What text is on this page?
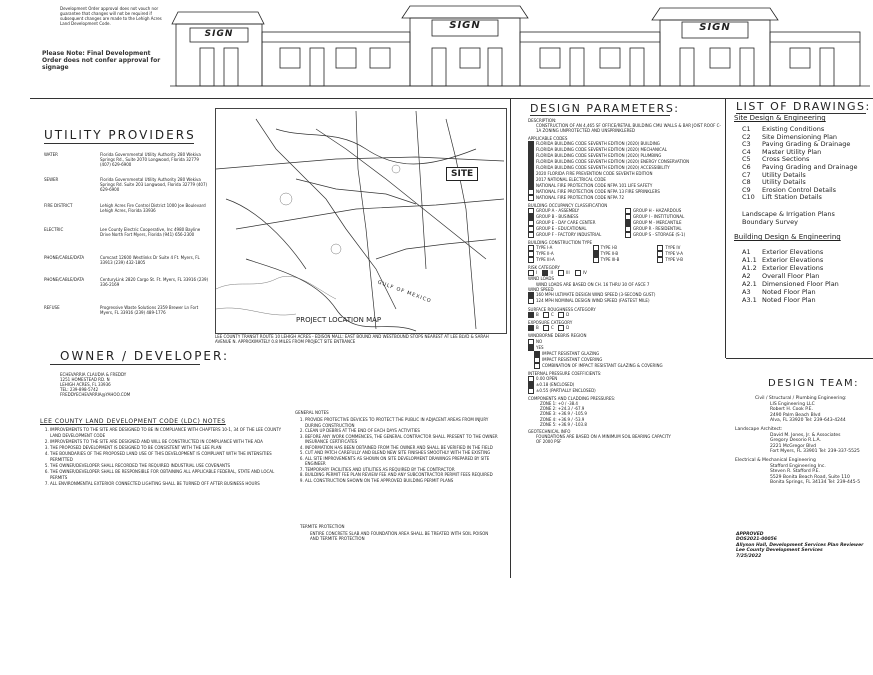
Development Order approval does not vouch nor guarantee that changes will not be required if subsequent changes are made to the Lehigh Acres Land Development Code.
Please Note: Final Development Order does not confer approval for signage
SIGN
SIGN	SIGN
UTILITY PROVIDERS
WATER	Florida Governmental Utility Authority 280 Wekiva Springs Rd., Suite 2070 Longwood, Florida 32779 (407) 629-6900
SEWER	Florida Governmental Utility Authority 280 Wekiva Springs Rd. Suite 203 Longwood, Florida 32779 (407) 629-6900
FIRE DISTRICT	Lehigh Acres Fire Control District 1000 Joe Boulevard Lehigh Acres, Florida 33936
ELECTRIC	Lee County Electric Cooperative, Inc 4980 Bayline Drive North Fort Myers, Florida (941) 656-2300
PHONE/CABLE/DATA	Comcast 12600 Westlinks Dr Suite 4 Ft. Myers, FL 33913 (239) 432-1805
PHONE/CABLE/DATA	CenturyLink 2820 Cargo St. Ft. Myers, FL 33916 (239) 336-2169
REFUSE	Progressive Waste Solutions 2359 Brewer Ln Fort Myers, FL 33916 (239) 489-1776
SITE
GULF OF MEXICO
PROJECT LOCATION MAP
LEE COUNTY TRANSIT ROUTE 10 LEHIGH ACRES - EDISON MALL: EAST BOUND AND WESTBOUND STOPS NEAREST AT LEE BLVD & SARAH AVENUE N. APPROXIMATELY 0.8 MILES FROM PROJECT SITE ENTRANCE
OWNER / DEVELOPER:
ECHEVARRIA CLAUDIA & FREDDY
1251 HOMESTEAD RD. N
LEHIGH ACRES, FL 33936
TEL: 239-898-5742
FREDDYECHEVARRIA@YAHOO.COM
LEE COUNTY LAND DEVELOPMENT CODE (LDC) NOTES
1. IMPROVEMENTS TO THE SITE ARE DESIGNED TO BE IN COMPLIANCE WITH CHAPTERS 10-1, 34 OF THE LEE COUNTY LAND DEVELOPMENT CODE
2. IMPROVEMENTS TO THE SITE ARE DESIGNED AND WILL BE CONSTRUCTED IN COMPLIANCE WITH THE ADA
3. THE PROPOSED DEVELOPMENT IS DESIGNED TO BE CONSISTENT WITH THE LEE PLAN
4. THE BOUNDARIES OF THE PROPOSED LAND USE OF THIS DEVELOPMENT IS COMPLIANT WITH THE INTENSITIES PERMITTED
5. THE OWNER/DEVELOPER SHALL RECORDED THE REQUIRED INDUSTRIAL USE COVENANTS
6. THE OWNER/DEVELOPER SHALL BE RESPONSIBLE FOR OBTAINING ALL APPLICABLE FEDERAL, STATE AND LOCAL PERMITS
7. ALL ENVIRONMENTAL EXTERIOR CONNECTED LIGHTING SHALL BE TURNED OFF AFTER BUSINESS HOURS
GENERAL NOTES
1. PROVIDE PROTECTIVE DEVICES TO PROTECT THE PUBLIC IN ADJACENT AREAS FROM INJURY DURING CONSTRUCTION
2. CLEAN UP DEBRIS AT THE END OF EACH DAYS ACTIVITIES
3. BEFORE ANY WORK COMMENCES, THE GENERAL CONTRACTOR SHALL PRESENT TO THE OWNER INSURANCE CERTIFICATES
4. INFORMATION HAS BEEN OBTAINED FROM THE OWNER AND SHALL BE VERIFIED IN THE FIELD
5. CUT AND PATCH CAREFULLY AND BLEND NEW SITE FINISHES SMOOTHLY WITH THE EXISTING
6. ALL SITE IMPROVEMENTS AS SHOWN ON SITE DEVELOPMENT DRAWINGS PREPARED BY SITE ENGINEER
7. TEMPORARY FACILITIES AND UTILITIES AS REQUIRED BY THE CONTRACTOR
8. BUILDING PERMIT FEE PLAN REVIEW FEE AND ANY SUBCONTRACTOR PERMIT FEES REQUIRED
9. ALL CONSTRUCTION SHOWN ON THE APPROVED BUILDING PERMIT PLANS
TERMITE PROTECTION
ENTIRE CONCRETE SLAB AND FOUNDATION AREA SHALL BE TREATED WITH SOIL POISON AND TERMITE PROTECTION
DESIGN PARAMETERS:
DESCRIPTION:
CONSTRUCTION OF AN 4,465 SF OFFICE/RETAIL BUILDING CMU WALLS & BAR JOIST ROOF C-1A ZONING UNPROTECTED AND UNSPRINKLERED
APPLICABLE CODES
FLORIDA BUILDING CODE SEVENTH EDITION (2020) BUILDING
FLORIDA BUILDING CODE SEVENTH EDITION (2020) MECHANICAL
FLORIDA BUILDING CODE SEVENTH EDITION (2020) PLUMBING
FLORIDA BUILDING CODE SEVENTH EDITION (2020) ENERGY CONSERVATION
FLORIDA BUILDING CODE SEVENTH EDITION (2020) ACCESSIBILITY
2020 FLORIDA FIRE PREVENTION CODE SEVENTH EDITION
2017 NATIONAL ELECTRICAL CODE
NATIONAL FIRE PROTECTION CODE NFPA 101 LIFE SAFETY
NATIONAL FIRE PROTECTION CODE NFPA 13 FIRE SPRINKLERS
NATIONAL FIRE PROTECTION CODE NFPA 72
BUILDING OCCUPANCY CLASSIFICATION
GROUP A - ASSEMBLY	GROUP H - HAZARDOUS
GROUP B - BUSINESS	GROUP I - INSTITUTIONAL
GROUP E - DAY CARE CENTER	GROUP M - MERCANTILE
GROUP E - EDUCATIONAL	GROUP R - RESIDENTIAL
GROUP F - FACTORY INDUSTRIAL	GROUP S - STORAGE (S-1)
BUILDING CONSTRUCTION TYPE
TYPE I-A	TYPE I-B	TYPE IV
TYPE II-A	TYPE II-B	TYPE V-A
TYPE III-A	TYPE III-B	TYPE V-B
RISK CATEGORY
I	II	III	IV
WIND LOADS
WIND LOADS ARE BASED ON CH. 16 THRU 30 OF ASCE 7
WIND SPEED
160 MPH ULTIMATE DESIGN WIND SPEED (3-SECOND GUST)
124 MPH NOMINAL DESIGN WIND SPEED (FASTEST MILE)
SURFACE ROUGHNESS CATEGORY
B	C	D
EXPOSURE CATEGORY
B	C	D
WINDBORNE DEBRIS REGION
NO
YES
IMPACT RESISTANT GLAZING
IMPACT RESISTANT COVERING
COMBINATION OF IMPACT RESISTANT GLAZING & COVERING
INTERNAL PRESSURE COEFFICIENTS:
0.00 OPEN
±0.18 (ENCLOSED)
±0.55 (PARTIALLY ENCLOSED)
COMPONENTS AND CLADDING PRESSURES:
ZONE 1: +0 / -38.4
ZONE 2: +24.3 / -67.9
ZONE 3: +36.9 / -105.9
ZONE 4: +36.9 / -53.9
ZONE 5: +36.9 / -103.8
GEOTECHNICAL INFO
FOUNDATIONS ARE BASED ON A MINIMUM SOIL BEARING CAPACITY OF 2000 PSF
LIST OF DRAWINGS:
Site Design & Engineering
C1	Existing Conditions
C2	Site Dimensioning Plan
C3	Paving Grading & Drainage
C4	Master Utility Plan
C5	Cross Sections
C6	Paving Grading and Drainage
C7	Utility Details
C8	Utility Details
C9	Erosion Control Details
C10	Lift Station Details
Landscape & Irrigation Plans
Boundary Survey
Building Design & Engineering
A1	Exterior Elevations
A1.1 Exterior Elevations
A1.2 Exterior Elevations
A2	Overall Floor Plan
A2.1 Dimensioned Floor Plan
A3	Noted Floor Plan
A3.1 Noted Floor Plan
DESIGN TEAM:
Civil / Structural / Plumbing Engineering:
LIS Engineering LLC
Robert H. Cook P.E.
2490 Palm Beach Blvd
Alva, FL 33920 Tel: 239-643-4244
Landscape Architect:
David M. Jones, Jr. & Associates
Gregory Desorio R.L.A.
2221 McGregor Blvd
Fort Myers, FL 33901 Tel: 239-337-5525
Electrical & Mechanical Engineering
Stafford Engineering Inc.
Steven R. Stafford P.E.
5529 Bonita Beach Road, Suite 110
Bonita Springs, FL 34134 Tel: 239-445-5
APPROVED
DOS2021-00056
Allyson Hall, Development Services Plan Reviewer
Lee County Development Services
7/25/2022
